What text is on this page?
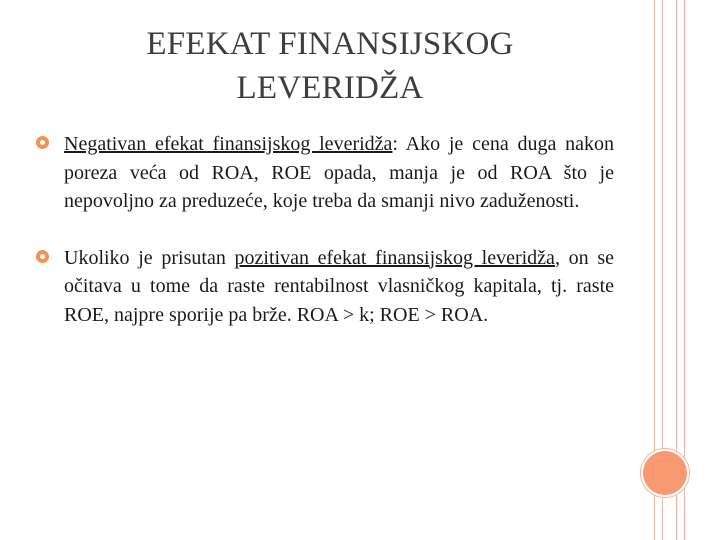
EFEKAT FINANSIJSKOG
LEVERIDŽA
Negativan efekat finansijskog leveridža: Ako je cena duga nakon poreza veća od ROA, ROE opada, manja je od ROA što je nepovoljno za preduzeće, koje treba da smanji nivo zaduženosti.
Ukoliko je prisutan pozitivan efekat finansijskog leveridža, on se očitava u tome da raste rentabilnost vlasničkog kapitala, tj. raste ROE, najpre sporije pa brže. ROA > k; ROE > ROA.
